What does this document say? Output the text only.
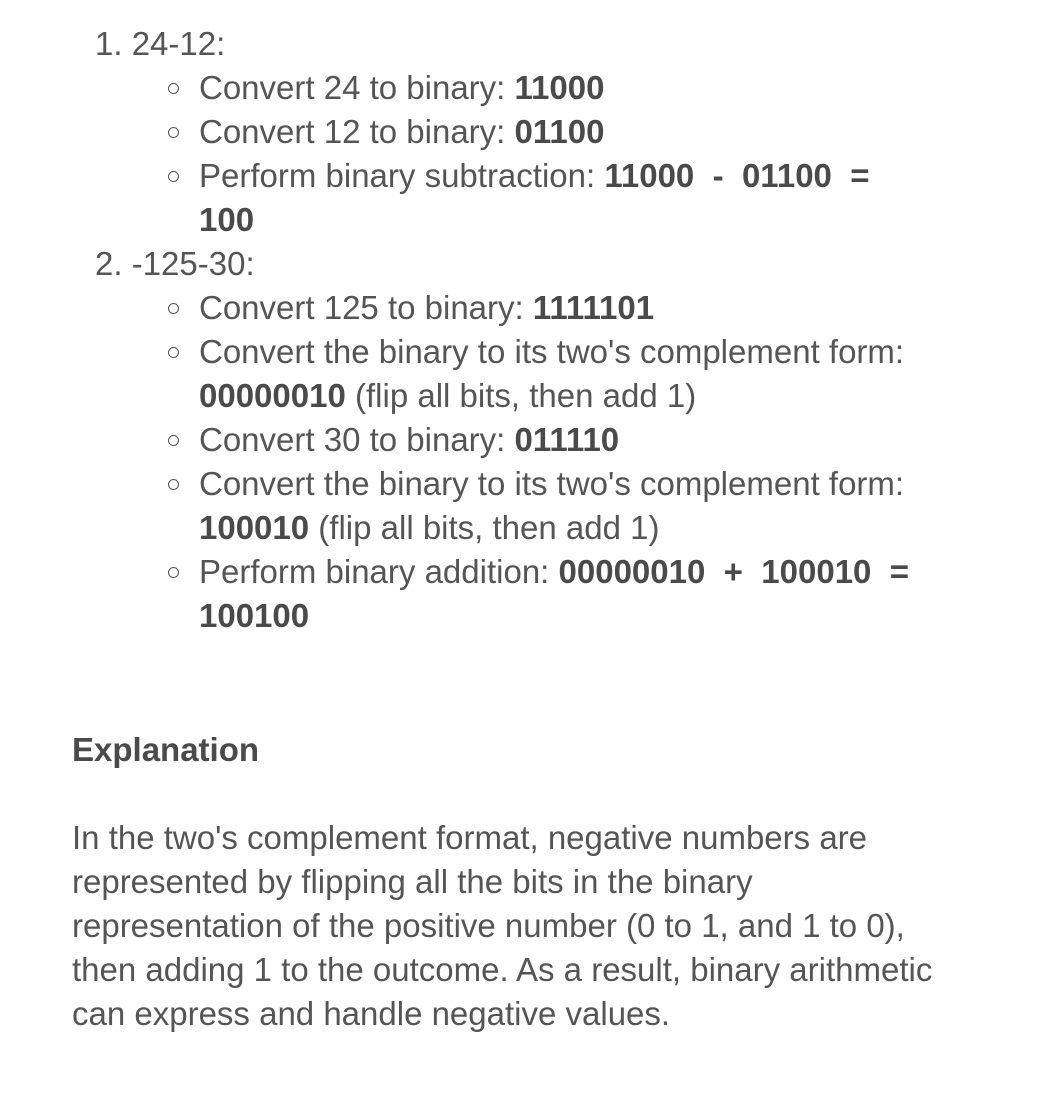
1. 24-12:
Convert 24 to binary: 11000
Convert 12 to binary: 01100
Perform binary subtraction: 11000  -  01100  =  100
2. -125-30:
Convert 125 to binary: 1111101
Convert the binary to its two's complement form: 00000010 (flip all bits, then add 1)
Convert 30 to binary: 011110
Convert the binary to its two's complement form: 100010 (flip all bits, then add 1)
Perform binary addition: 00000010  +  100010  =  100100
Explanation

In the two's complement format, negative numbers are represented by flipping all the bits in the binary representation of the positive number (0 to 1, and 1 to 0), then adding 1 to the outcome. As a result, binary arithmetic can express and handle negative values.
